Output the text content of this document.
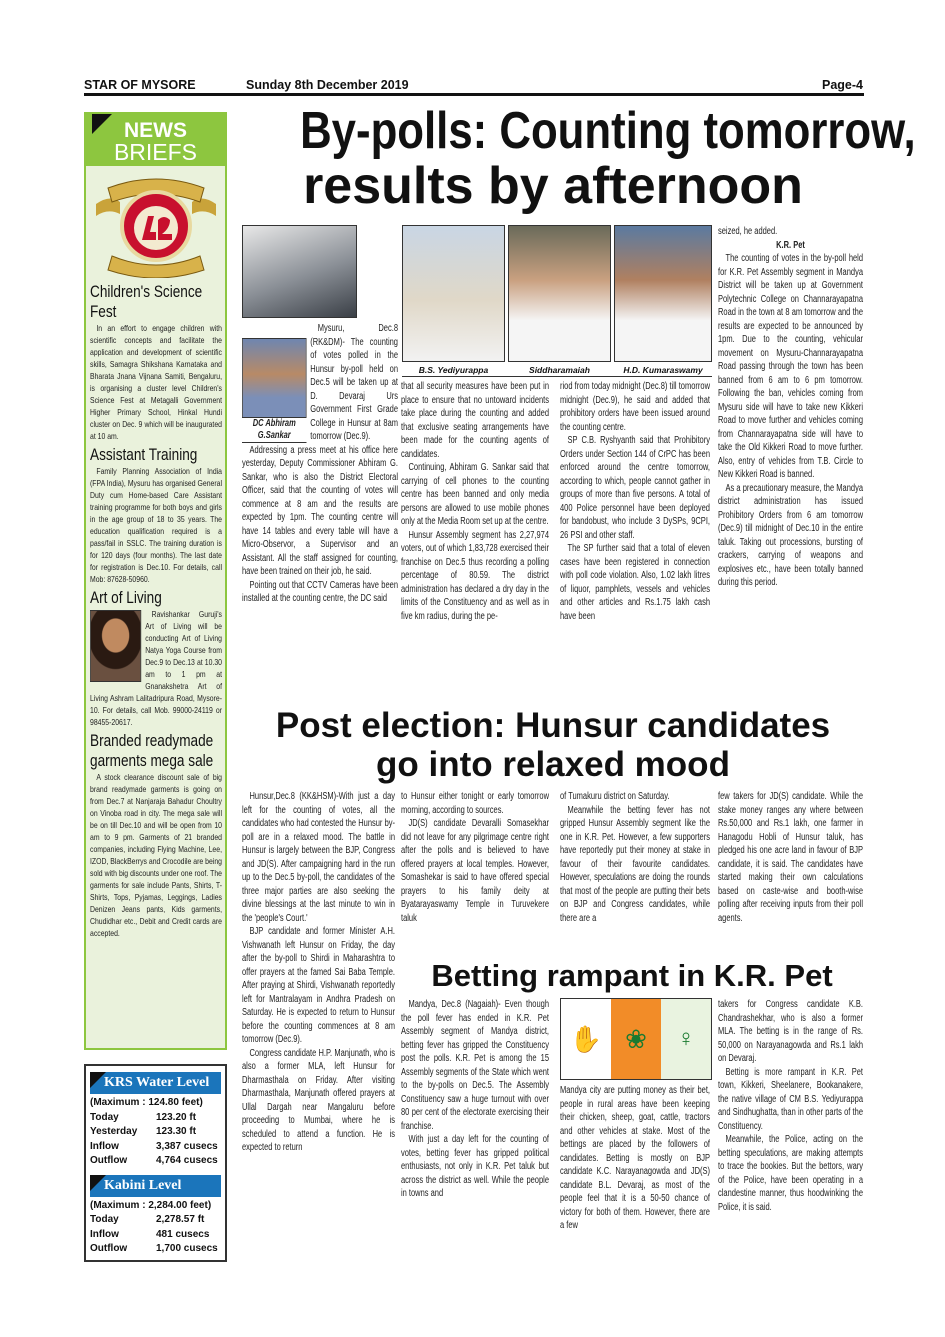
STAR OF MYSORE	Sunday 8th December 2019	Page-4
NEWS
BRIEFS
Children's Science Fest

In an effort to engage children with scientific concepts and facilitate the application and development of scientific skills, Samagra Shikshana Karnataka and Bharata Jnana Vijnana Samiti, Bengaluru, is organising a cluster level Children's Science Fest at Metagalli Government Higher Primary School, Hinkal Hundi cluster on Dec. 9 which will be inaugurated at 10 am.

Assistant Training

Family Planning Association of India (FPA India), Mysuru has organised General Duty cum Home-based Care Assistant training programme for both boys and girls in the age group of 18 to 35 years. The education qualification required is a pass/fail in SSLC. The training duration is for 120 days (four months). The last date for registration is Dec.10. For details, call Mob: 87628-50960.

Art of Living

Ravishankar Guruji's Art of Living will be conducting Art of Living Natya Yoga Course from Dec.9 to Dec.13 at 10.30 am to 1 pm at Gnanakshetra Art of Living Ashram Lalitadripura Road, Mysore-10. For details, call Mob. 99000-24119 or 98455-20617.

Branded readymade garments mega sale

A stock clearance discount sale of big brand readymade garments is going on from Dec.7 at Nanjaraja Bahadur Choultry on Vinoba road in city. The mega sale will be on till Dec.10 and will be open from 10 am to 9 pm. Garments of 21 branded companies, including Flying Machine, Lee, IZOD, BlackBerrys and Crocodile are being sold with big discounts under one roof. The garments for sale include Pants, Shirts, T-Shirts, Tops, Pyjamas, Leggings, Ladies Denizen Jeans pants, Kids garments, Chudidhar etc., Debit and Credit cards are accepted.

KRS Water Level
(Maximum : 124.80 feet)
Today	123.20 ft
Yesterday	123.30 ft
Inflow	3,387 cusecs
Outflow	4,764 cusecs
Kabini Level
(Maximum : 2,284.00 feet)
Today	2,278.57 ft
Inflow	481 cusecs
Outflow	1,700 cusecs
By-polls: Counting tomorrow,
results by afternoon
B.S. Yediyurappa	Siddharamaiah	H.D. Kumaraswamy
DC Abhiram G.Sankar

Mysuru, Dec.8 (RK&DM)- The counting of votes polled in the Hunsur by-poll held on Dec.5 will be taken up at D. Devaraj Urs Government First Grade College in Hunsur at 8am tomorrow (Dec.9).

Addressing a press meet at his office here yesterday, Deputy Commissioner Abhiram G. Sankar, who is also the District Electoral Officer, said that the counting of votes will commence at 8 am and the results are expected by 1pm. The counting centre will have 14 tables and every table will have a Micro-Observor, a Supervisor and an Assistant. All the staff assigned for counting, have been trained on their job, he said.

Pointing out that CCTV Cameras have been installed at the counting centre, the DC said

that all security measures have been put in place to ensure that no untoward incidents take place during the counting and added that exclusive seating arrangements have been made for the counting agents of candidates.

Continuing, Abhiram G. Sankar said that carrying of cell phones to the counting centre has been banned and only media persons are allowed to use mobile phones only at the Media Room set up at the centre.

Hunsur Assembly segment has 2,27,974 voters, out of which 1,83,728 exercised their franchise on Dec.5 thus recording a polling percentage of 80.59. The district administration has declared a dry day in the limits of the Constituency and as well as in five km radius, during the pe-

riod from today midnight (Dec.8) till tomorrow midnight (Dec.9), he said and added that prohibitory orders have been issued around the counting centre.

SP C.B. Ryshyanth said that Prohibitory Orders under Section 144 of CrPC has been enforced around the centre tomorrow, according to which, people cannot gather in groups of more than five persons. A total of 400 Police personnel have been deployed for bandobust, who include 3 DySPs, 9CPI, 26 PSI and other staff.

The SP further said that a total of eleven cases have been registered in connection with poll code violation. Also, 1.02 lakh litres of liquor, pamphlets, vessels and vehicles and other articles and Rs.1.75 lakh cash have been

seized, he added.

K.R. Pet

The counting of votes in the by-poll held for K.R. Pet Assembly segment in Mandya District will be taken up at Government Polytechnic College on Channarayapatna Road in the town at 8 am tomorrow and the results are expected to be announced by 1pm. Due to the counting, vehicular movement on Mysuru-Channarayapatna Road passing through the town has been banned from 6 am to 6 pm tomorrow. Following the ban, vehicles coming from Mysuru side will have to take new Kikkeri Road to move further and vehicles coming from Channarayapatna side will have to take the Old Kikkeri Road to move further. Also, entry of vehicles from T.B. Circle to New Kikkeri Road is banned.

As a precautionary measure, the Mandya district administration has issued Prohibitory Orders from 6 am tomorrow (Dec.9) till midnight of Dec.10 in the entire taluk. Taking out processions, bursting of crackers, carrying of weapons and explosives etc., have been totally banned during this period.

Post election: Hunsur candidates
go into relaxed mood

Hunsur,Dec.8 (KK&HSM)-With just a day left for the counting of votes, all the candidates who had contested the Hunsur by-poll are in a relaxed mood. The battle in Hunsur is largely between the BJP, Congress and JD(S). After campaigning hard in the run up to the Dec.5 by-poll, the candidates of the three major parties are also seeking the divine blessings at the last minute to win in the 'people's Court.'

BJP candidate and former Minister A.H. Vishwanath left Hunsur on Friday, the day after the by-poll to Shirdi in Maharashtra to offer prayers at the famed Sai Baba Temple. After praying at Shirdi, Vishwanath reportedly left for Mantralayam in Andhra Pradesh on Saturday. He is expected to return to Hunsur before the counting commences at 8 am tomorrow (Dec.9).

Congress candidate H.P. Manjunath, who is also a former MLA, left Hunsur for Dharmasthala on Friday. After visiting Dharmasthala, Manjunath offered prayers at Ullal Dargah near Mangaluru before proceeding to Mumbai, where he is scheduled to attend a function. He is expected to return

to Hunsur either tonight or early tomorrow morning, according to sources.

JD(S) candidate Devaralli Somasekhar did not leave for any pilgrimage centre right after the polls and is believed to have offered prayers at local temples. However, Somashekar is said to have offered special prayers to his family deity at Byatarayaswamy Temple in Turuvekere taluk

of Tumakuru district on Saturday.

Meanwhile the betting fever has not gripped Hunsur Assembly segment like the one in K.R. Pet. However, a few supporters have reportedly put their money at stake in favour of their favourite candidates. However, speculations are doing the rounds that most of the people are putting their bets on BJP and Congress candidates, while there are a

few takers for JD(S) candidate. While the stake money ranges any where between Rs.50,000 and Rs.1 lakh, one farmer in Hanagodu Hobli of Hunsur taluk, has pledged his one acre land in favour of BJP candidate, it is said. The candidates have started making their own calculations based on caste-wise and booth-wise polling after receiving inputs from their poll agents.

Betting rampant in K.R. Pet

Mandya, Dec.8 (Nagaiah)- Even though the poll fever has ended in K.R. Pet Assembly segment of Mandya district, betting fever has gripped the Constituency post the polls. K.R. Pet is among the 15 Assembly segments of the State which went to the by-polls on Dec.5. The Assembly Constituency saw a huge turnout with over 80 per cent of the electorate exercising their franchise.

With just a day left for the counting of votes, betting fever has gripped political enthusiasts, not only in K.R. Pet taluk but across the district as well. While the people in towns and

✋ ❀	♀

Mandya city are putting money as their bet, people in rural areas have been keeping their chicken, sheep, goat, cattle, tractors and other vehicles at stake. Most of the bettings are placed by the followers of candidates. Betting is mostly on BJP candidate K.C. Narayanagowda and JD(S) candidate B.L. Devaraj, as most of the people feel that it is a 50-50 chance of victory for both of them. However, there are a few

takers for Congress candidate K.B. Chandrashekhar, who is also a former MLA. The betting is in the range of Rs. 50,000 on Narayanagowda and Rs.1 lakh on Devaraj.

Betting is more rampant in K.R. Pet town, Kikkeri, Sheelanere, Bookanakere, the native village of CM B.S. Yediyurappa and Sindhughatta, than in other parts of the Constituency.

Meanwhile, the Police, acting on the betting speculations, are making attempts to trace the bookies. But the bettors, wary of the Police, have been operating in a clandestine manner, thus hoodwinking the Police, it is said.
